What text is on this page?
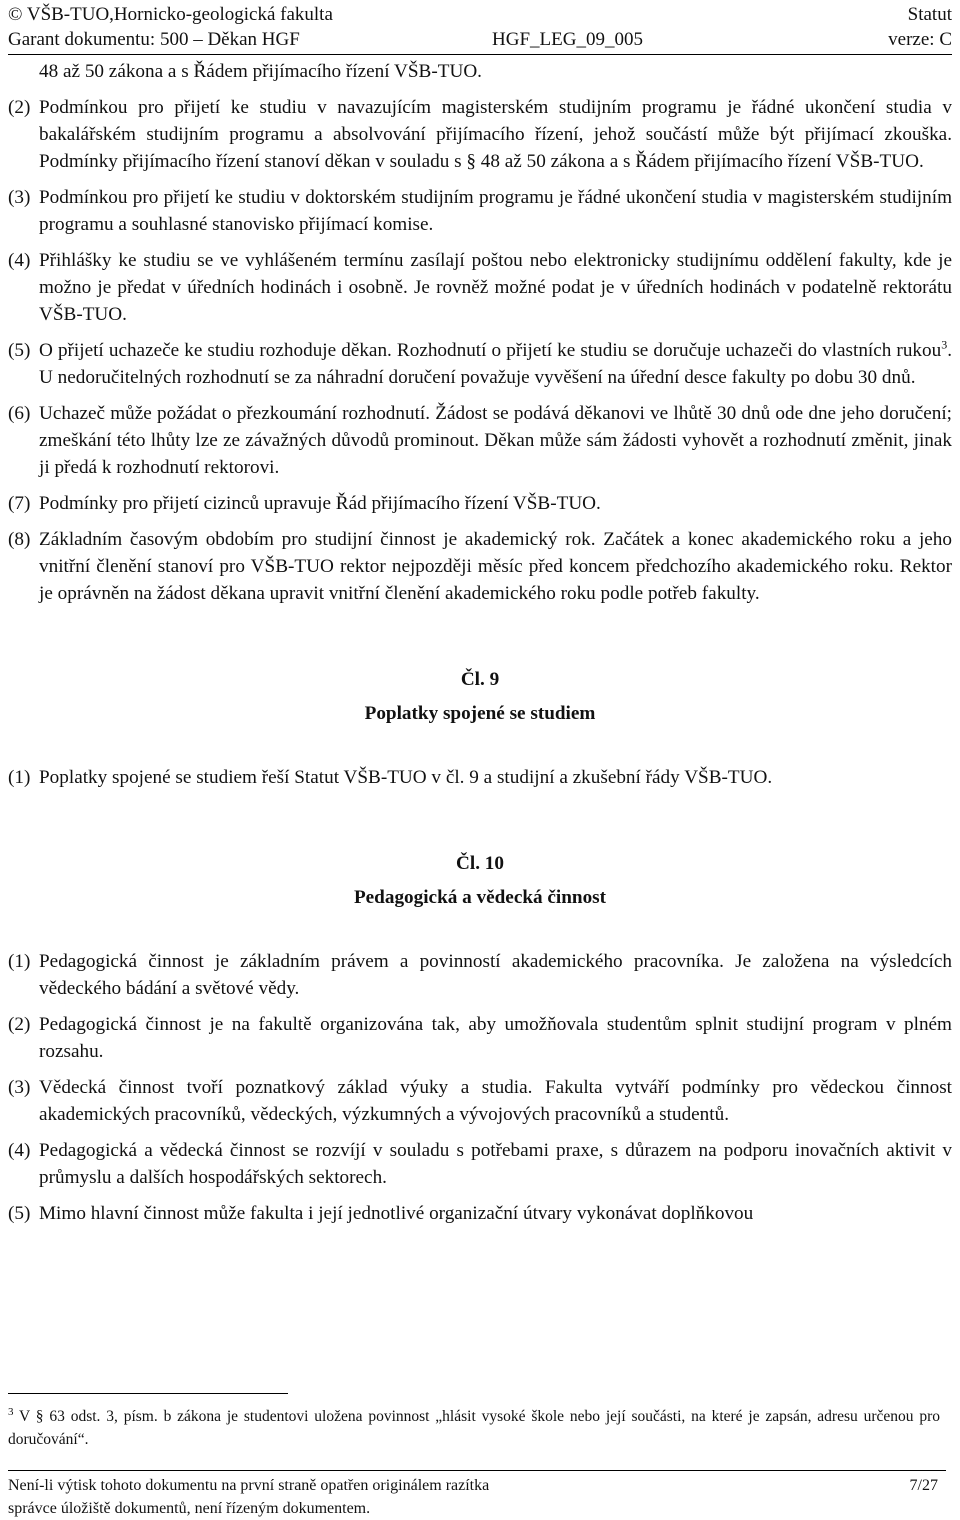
© VŠB-TUO,Hornicko-geologická fakulta	Statut
Garant dokumentu: 500 – Děkan HGF	HGF_LEG_09_005	verze: C

48 až 50 zákona a s Řádem přijímacího řízení VŠB-TUO.

(2) Podmínkou pro přijetí ke studiu v navazujícím magisterském studijním programu je řádné ukončení studia v bakalářském studijním programu a absolvování přijímacího řízení, jehož součástí může být přijímací zkouška. Podmínky přijímacího řízení stanoví děkan v souladu s § 48 až 50 zákona a s Řádem přijímacího řízení VŠB-TUO.

(3) Podmínkou pro přijetí ke studiu v doktorském studijním programu je řádné ukončení studia v magisterském studijním programu a souhlasné stanovisko přijímací komise.

(4) Přihlášky ke studiu se ve vyhlášeném termínu zasílají poštou nebo elektronicky studijnímu oddělení fakulty, kde je možno je předat v úředních hodinách i osobně. Je rovněž možné podat je v úředních hodinách v podatelně rektorátu VŠB-TUO.

(5) O přijetí uchazeče ke studiu rozhoduje děkan. Rozhodnutí o přijetí ke studiu se doručuje uchazeči do vlastních rukou$^3$. U nedoručitelných rozhodnutí se za náhradní doručení považuje vyvěšení na úřední desce fakulty po dobu 30 dnů.

(6) Uchazeč může požádat o přezkoumání rozhodnutí. Žádost se podává děkanovi ve lhůtě 30 dnů ode dne jeho doručení; zmeškání této lhůty lze ze závažných důvodů prominout. Děkan může sám žádosti vyhovět a rozhodnutí změnit, jinak ji předá k rozhodnutí rektorovi.

(7) Podmínky pro přijetí cizinců upravuje Řád přijímacího řízení VŠB-TUO.

(8) Základním časovým obdobím pro studijní činnost je akademický rok. Začátek a konec akademického roku a jeho vnitřní členění stanoví pro VŠB-TUO rektor nejpozději měsíc před koncem předchozího akademického roku. Rektor je oprávněn na žádost děkana upravit vnitřní členění akademického roku podle potřeb fakulty.

Čl. 9
Poplatky spojené se studiem

(1) Poplatky spojené se studiem řeší Statut VŠB-TUO v čl. 9 a studijní a zkušební řády VŠB-TUO.

Čl. 10
Pedagogická a vědecká činnost

(1) Pedagogická činnost je základním právem a povinností akademického pracovníka. Je založena na výsledcích vědeckého bádání a světové vědy.

(2) Pedagogická činnost je na fakultě organizována tak, aby umožňovala studentům splnit studijní program v plném rozsahu.

(3) Vědecká činnost tvoří poznatkový základ výuky a studia. Fakulta vytváří podmínky pro vědeckou činnost akademických pracovníků, vědeckých, výzkumných a vývojových pracovníků a studentů.

(4) Pedagogická a vědecká činnost se rozvíjí v souladu s potřebami praxe, s důrazem na podporu inovačních aktivit v průmyslu a dalších hospodářských sektorech.

(5) Mimo hlavní činnost může fakulta i její jednotlivé organizační útvary vykonávat doplňkovou

$^3$ V § 63 odst. 3, písm. b zákona je studentovi uložena povinnost „hlásit vysoké škole nebo její součásti, na které je zapsán, adresu určenou pro doručování“.
Není-li výtisk tohoto dokumentu na první straně opatřen originálem razítka	7/27
správce úložiště dokumentů, není řízeným dokumentem.
